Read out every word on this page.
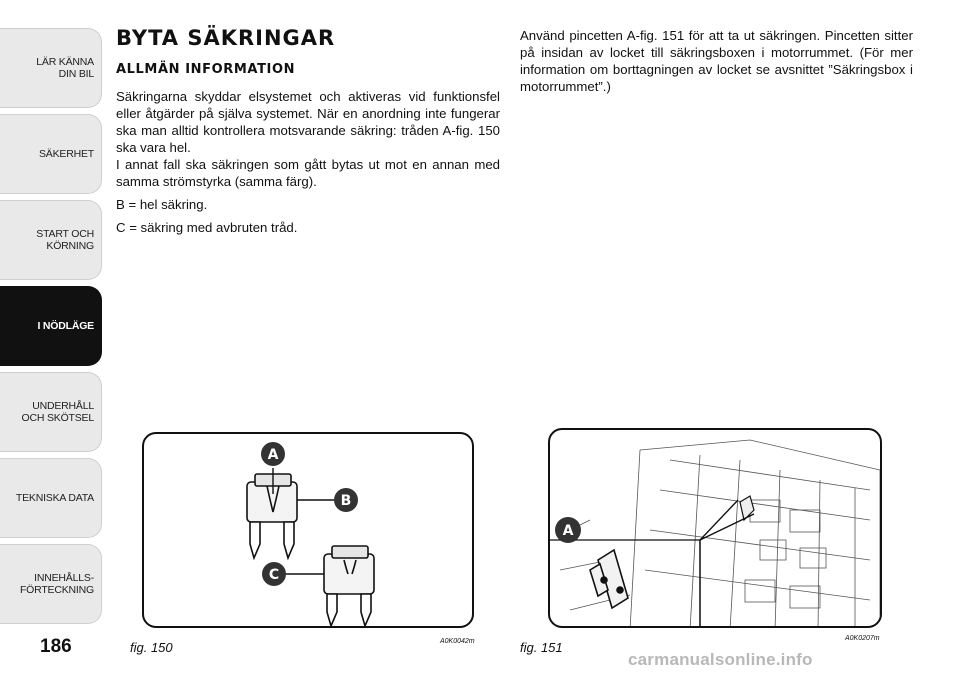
LÄR KÄNNA
DIN BIL
SÄKERHET
START OCH
KÖRNING
I NÖDLÄGE
UNDERHÅLL
OCH SKÖTSEL
TEKNISKA DATA
INNEHÅLLS-
FÖRTECKNING
186
BYTA SÄKRINGAR
ALLMÄN INFORMATION

Säkringarna skyddar elsystemet och aktiveras vid funktionsfel eller åtgärder på själva systemet. När en anordning inte fungerar ska man alltid kontrollera motsvarande säkring: tråden A-fig. 150 ska vara hel.

I annat fall ska säkringen som gått bytas ut mot en annan med samma strömstyrka (samma färg).

B = hel säkring.

C = säkring med avbruten tråd.

Använd pincetten A-fig. 151 för att ta ut säkringen. Pincetten sitter på insidan av locket till säkringsboxen i motorrummet. (För mer information om borttagningen av locket se avsnittet ”Säkringsbox i motorrummet”.)

A
B
C
fig. 150	A0K0042m
A
fig. 151
A0K0207m
carmanualsonline.info
